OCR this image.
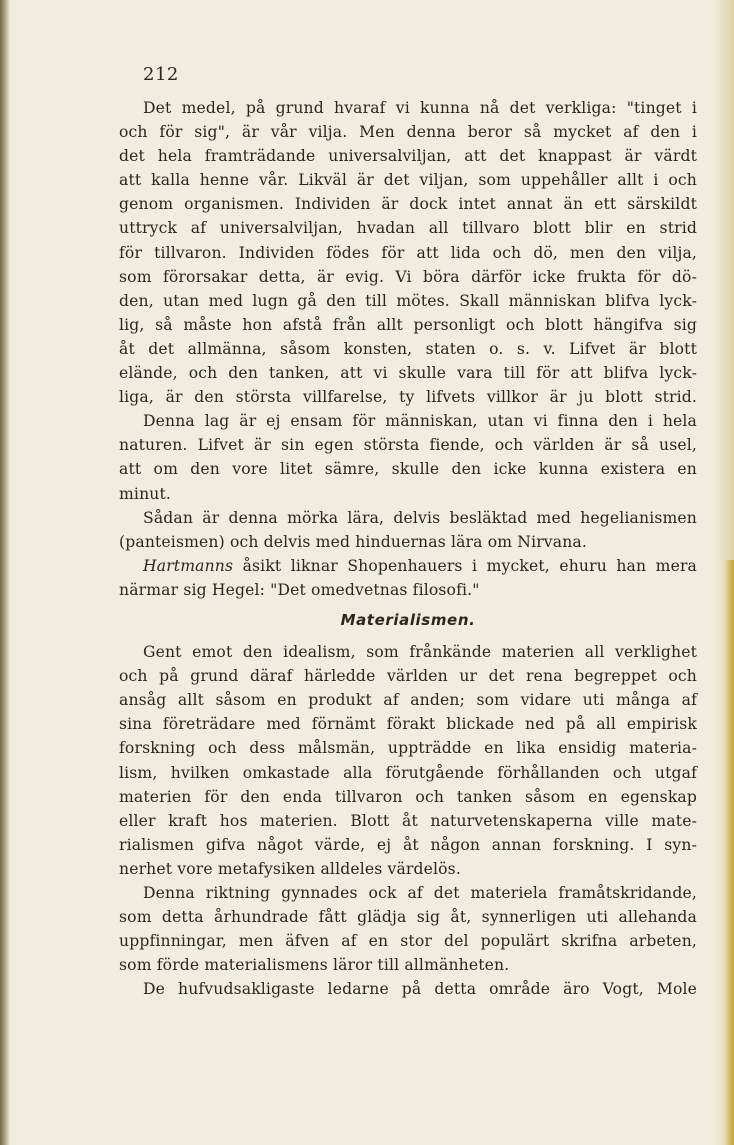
212
Det medel, på grund hvaraf vi kunna nå det verkliga: "tinget i
och för sig", är vår vilja. Men denna beror så mycket af den i
det hela framträdande universalviljan, att det knappast är värdt
att kalla henne vår. Likväl är det viljan, som uppehåller allt i och
genom organismen. Individen är dock intet annat än ett särskildt
uttryck af universalviljan, hvadan all tillvaro blott blir en strid
för tillvaron. Individen födes för att lida och dö, men den vilja,
som förorsakar detta, är evig. Vi böra därför icke frukta för dö-
den, utan med lugn gå den till mötes. Skall människan blifva lyck-
lig, så måste hon afstå från allt personligt och blott hängifva sig
åt det allmänna, såsom konsten, staten o. s. v. Lifvet är blott
elände, och den tanken, att vi skulle vara till för att blifva lyck-
liga, är den största villfarelse, ty lifvets villkor är ju blott strid.
Denna lag är ej ensam för människan, utan vi finna den i hela
naturen. Lifvet är sin egen största fiende, och världen är så usel,
att om den vore litet sämre, skulle den icke kunna existera en
minut.
Sådan är denna mörka lära, delvis besläktad med hegelianismen
(panteismen) och delvis med hinduernas lära om Nirvana.
Hartmanns åsikt liknar Shopenhauers i mycket, ehuru han mera
närmar sig Hegel: "Det omedvetnas filosofi."
Materialismen.
Gent emot den idealism, som frånkände materien all verklighet
och på grund däraf härledde världen ur det rena begreppet och
ansåg allt såsom en produkt af anden; som vidare uti många af
sina företrädare med förnämt förakt blickade ned på all empirisk
forskning och dess målsmän, uppträdde en lika ensidig materia-
lism, hvilken omkastade alla förutgående förhållanden och utgaf
materien för den enda tillvaron och tanken såsom en egenskap
eller kraft hos materien. Blott åt naturvetenskaperna ville mate-
rialismen gifva något värde, ej åt någon annan forskning. I syn-
nerhet vore metafysiken alldeles värdelös.
Denna riktning gynnades ock af det materiela framåtskridande,
som detta århundrade fått glädja sig åt, synnerligen uti allehanda
uppfinningar, men äfven af en stor del populärt skrifna arbeten,
som förde materialismens läror till allmänheten.
De hufvudsakligaste ledarne på detta område äro Vogt, Mole
